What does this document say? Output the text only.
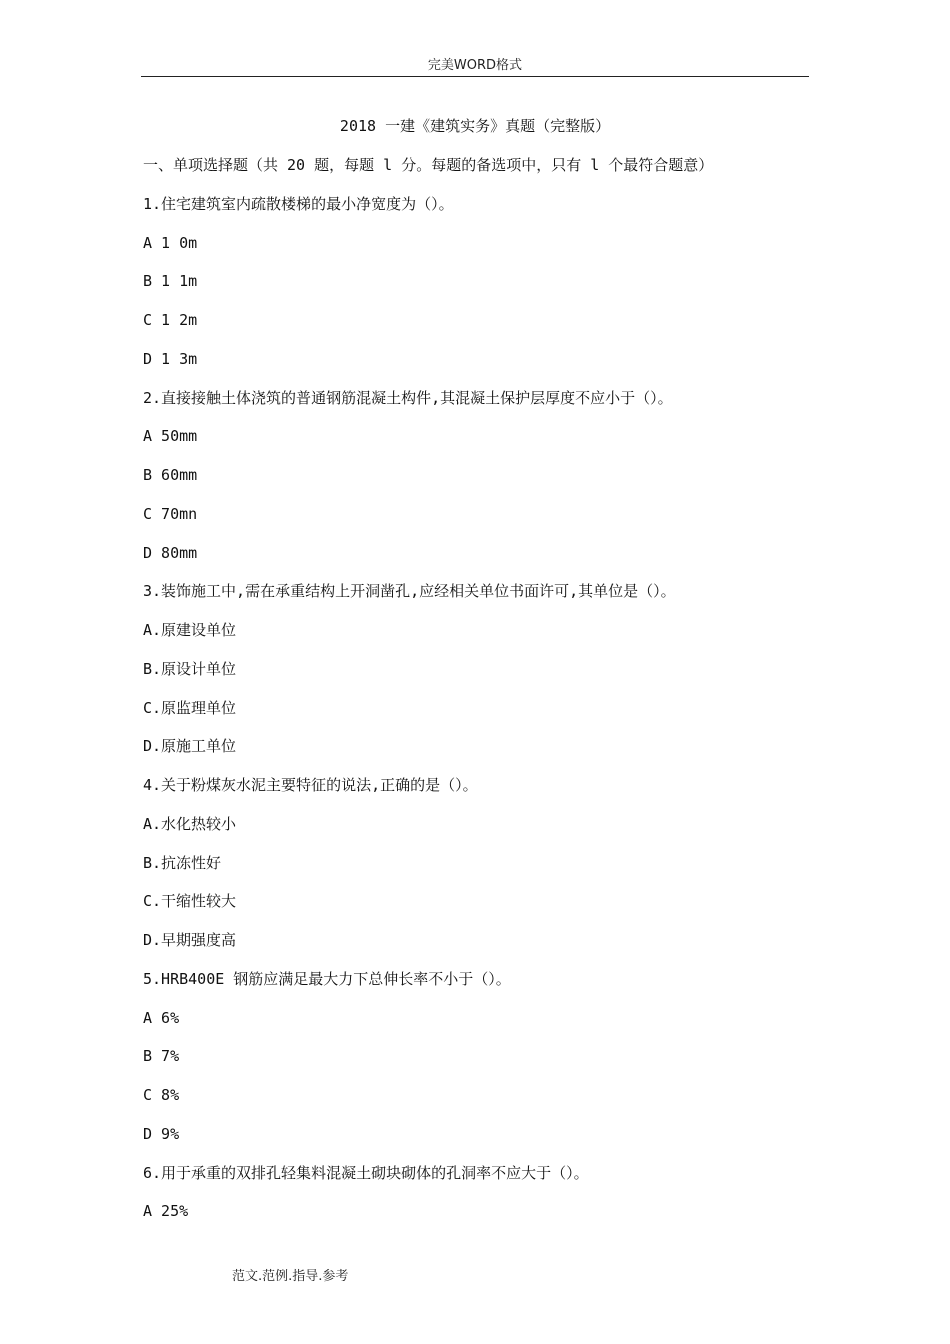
完美WORD格式
2018 一建《建筑实务》真题（完整版）
一、单项选择题（共 20 题，每题 l 分。每题的备选项中，只有 l 个最符合题意）
1.住宅建筑室内疏散楼梯的最小净宽度为（）。
A 1 0m
B 1 1m
C 1 2m
D 1 3m
2.直接接触土体浇筑的普通钢筋混凝土构件,其混凝土保护层厚度不应小于（）。
A 50mm
B 60mm
C 70mn
D 80mm
3.装饰施工中,需在承重结构上开洞凿孔,应经相关单位书面许可,其单位是（）。
A.原建设单位
B.原设计单位
C.原监理单位
D.原施工单位
4.关于粉煤灰水泥主要特征的说法,正确的是（）。
A.水化热较小
B.抗冻性好
C.干缩性较大
D.早期强度高
5.HRB400E 钢筋应满足最大力下总伸长率不小于（）。
A 6%
B 7%
C 8%
D 9%
6.用于承重的双排孔轻集料混凝土砌块砌体的孔洞率不应大于（）。
A 25%
范文.范例.指导.参考
